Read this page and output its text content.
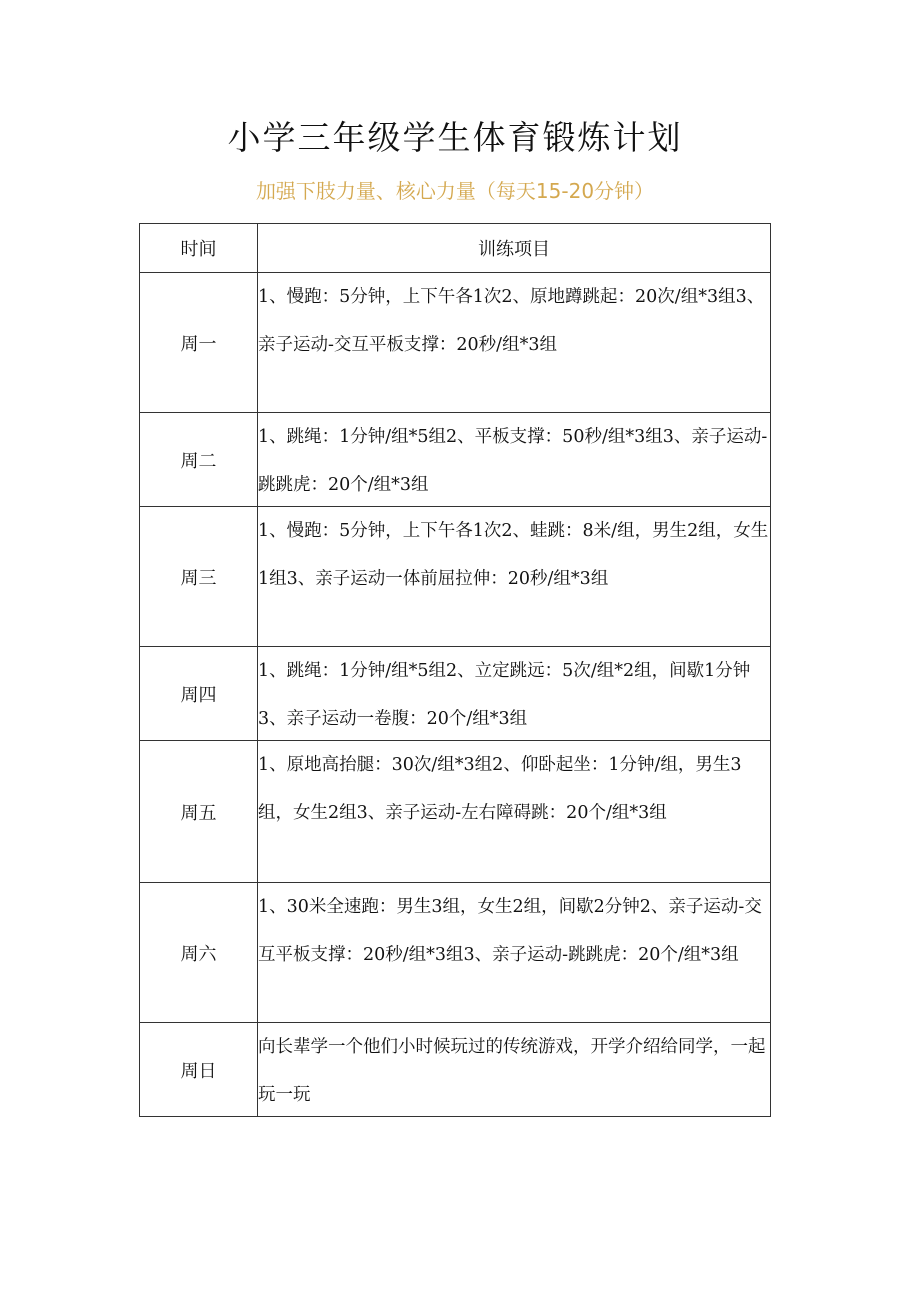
小学三年级学生体育锻炼计划
加强下肢力量、核心力量（每天15-20分钟）
时间	训练项目
周一	1、慢跑：5分钟，上下午各1次2、原地蹲跳起：20次/组*3组3、亲子运动-交互平板支撑：20秒/组*3组

周二	1、跳绳：1分钟/组*5组2、平板支撑：50秒/组*3组3、亲子运动-跳跳虎：20个/组*3组

周三	1、慢跑：5分钟，上下午各1次2、蛙跳：8米/组，男生2组，女生1组3、亲子运动一体前屈拉伸：20秒/组*3组

周四	1、跳绳：1分钟/组*5组2、立定跳远：5次/组*2组，间歇1分钟3、亲子运动一卷腹：20个/组*3组

周五	1、原地高抬腿：30次/组*3组2、仰卧起坐：1分钟/组，男生3组，女生2组3、亲子运动-左右障碍跳：20个/组*3组

周六	1、30米全速跑：男生3组，女生2组，间歇2分钟2、亲子运动-交互平板支撑：20秒/组*3组3、亲子运动-跳跳虎：20个/组*3组

周日	向长辈学一个他们小时候玩过的传统游戏，开学介绍给同学，一起玩一玩
